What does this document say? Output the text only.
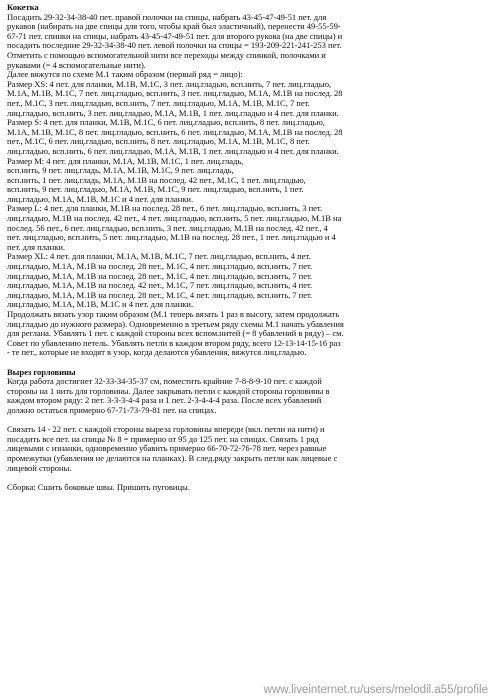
Кокетка
Посадить 29-32-34-38-40 пет. правой полочки на спицы, набрать 43-45-47-49-51 пет. для
рукавов (набирать на две спицы для того, чтобы край был эластичный), перенести 49-55-59-
67-71 пет. спинки на спицы, набрать 43-45-47-49-51 пет. для второго рукова (на две спицы) и
посадить последние 29-32-34-38-40 пет. левой полочки на спицы = 193-209-221-241-253 пет.
Отметить с помощью вспомогательной нити все переходы между спинкой, полочками и
рукавами (= 4 вспомогательные нити).
Далее вяжутся по схеме М.1 таким образом (первый ряд = лицо):
Размер XS: 4 пет. для планки, М.1В, М.1С, 3 пет. лиц.гладью, всп.нить, 7 пет. лиц.гладью,
М.1А, М.1В, М.1С, 7 пет. лиц.гладью, всп.нить, 3 пет. лиц.гладью, М.1А, М.1В на послед. 28
пет., М.1С, 3 пет. лиц.гладью, всп.нить, 7 пет. лиц.гладью, М.1А, М.1В, М.1С, 7 пет.
лиц.гладью, всп.нить, 3 пет. лиц.гладью, М.1А, М.1В, 1 пет. лиц.гладью и 4 пет. для планки.
Размер S: 4 пет. для планки, М.1В, М.1С, 6 пет. лиц.гладью, всп.нить, 8 пет. лиц.гладью,
М.1А, М.1В, М.1С, 8 пет. лиц.гладью, всп.нить, 6 пет. лиц.гладью, М.1А, М.1В на послед. 28
пет., М.1С, 6 пет. лиц.гладью, всп.нить, 8 пет. лиц.гладью, М.1А, М.1В, М.1С, 8 пет.
лиц.гладью, всп.нить, 6 пет. лиц.гладью, М.1А, М.1В, 1 пет. лиц.гладью и 4 пет. для планки.
Размер М: 4 пет. для планки, М.1А, М.1В, М.1С, 1 пет. лиц.гладь,
всп.нить, 9 пет. лиц.гладь, М.1А, М.1В, М.1С, 9 пет. лиц.гладь,
всп.нить, 1 пет. лиц.гладь, М.1А, М.1В на послед. 42 пет., М.1С, 1 пет. лиц.гладью,
всп.нить, 9 пет. лиц.гладью, М.1А, М.1В, М.1С, 9 пет. лиц.гладью, всп.нить, 1 пет.
лиц.гладью, М.1А, М.1В, М.1С и 4 пет. для планки.
Размер L: 4 пет. для планки, М.1В на послед. 28 пет., 6 пет. лиц.гладью, всп.нить, 3 пет.
лиц.гладью, М.1В на послед. 42 пет., 4 пет. лиц.гладью, всп.нить, 5 пет. лиц.гладью, М.1В на
послед. 56 пет., 6 пет. лиц.гладью, всп.нить, 3 пет. лиц.гладью, М.1В на послед. 42 пет., 4
пет. лиц.гладью, всп.нить, 5 пет. лиц.гладью, М.1В на послед. 28 пет., 1 пет. лиц.гладью и 4
пет. для планки.
Размер XL: 4 пет. для планки, М.1А, М.1В, М.1С, 7 пет. лиц.гладью, всп.нить, 4 пет.
лиц.гладью, М.1А, М.1В на послед. 28 пет., М.1С, 4 пет. лиц.гладью, всп.нить, 7 пет.
лиц.гладью, М.1А, М.1В на послед. 28 пет., М.1С, 4 пет. лиц.гладью, всп.нить, 7 пет.
лиц.гладью, М.1А, М.1В на послед. 42 пет., М.1С, 7 пет. лиц.гладью, всп.нить, 4 пет.
лиц.гладью, М.1А, М.1В на послед. 28 пет., М.1С, 4 пет. лиц.гладью, всп.нить, 7 пет.
лиц.гладью, М.1А, М.1В, М.1С и 4 пет. для планки.
Продолжать вязать узор таким образом (М.1 теперь вязать 1 раз в высоту, затем продолжать
лиц.гладью до нужного размера). Одновременно в третьем ряду схемы М.1 начать убавления
для реглана. Убавлять 1 пет. с каждой стороны всех вспом.нитей (= 8 убавлений в ряду) – см.
Совет по убавлению петель. Убавлять петли в каждом втором ряду, всего 12-13-14-15-16 раз
- те пет., которые не входят в узор, когда делаются убавления, вяжутся лиц.гладью.
Вырез горловины
Когда работа достигнет 32-33-34-35-37 см, поместить крайние 7-8-8-9-10 пет. с каждой
стороны на 1 нить для горловины. Далее закрывать петли с каждой стороны горловины в
каждом втором ряду: 2 пет. 3-3-3-4-4 раза и 1 пет. 2-3-4-4-4 раза. После всех убавлений
должно остаться примерно 67-71-73-79-81 пет. на спицах.
Связать 14 - 22 пет. с каждой стороны выреза горловины впереди (вкл. петли на нити) и
посадить все пет. на спицы № 8 = примерно от 95 до 125 пет. на спицах. Связать 1 ряд
лицевыми с изнанки, одновременно убавить примерно 66-70-72-76-78 пет. через равные
промежутки (убавления не делаются на планках). В след.ряду закрыть петли как лицевые с
лицевой стороны.
Сборка: Сшить боковые швы. Пришить пуговицы.
www.liveinternet.ru/users/melodil.a55/profile
